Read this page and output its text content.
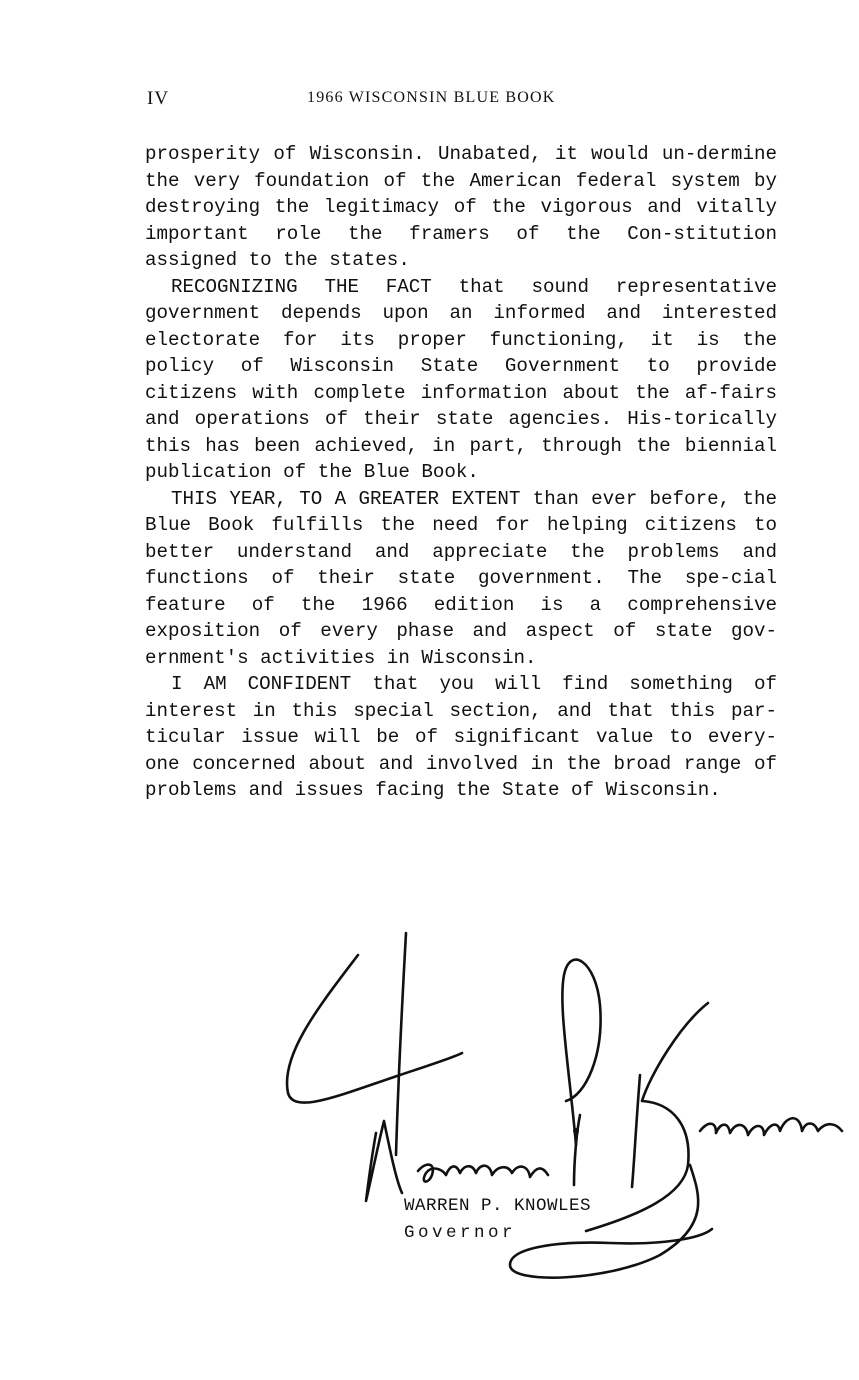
IV	1966 WISCONSIN BLUE BOOK

prosperity of Wisconsin. Unabated, it would un-dermine the very foundation of the American federal system by destroying the legitimacy of the vigorous and vitally important role the framers of the Con-stitution assigned to the states.

RECOGNIZING THE FACT that sound representative government depends upon an informed and interested electorate for its proper functioning, it is the policy of Wisconsin State Government to provide citizens with complete information about the af-fairs and operations of their state agencies. His-torically this has been achieved, in part, through the biennial publication of the Blue Book.

THIS YEAR, TO A GREATER EXTENT than ever before, the Blue Book fulfills the need for helping citizens to better understand and appreciate the problems and functions of their state government. The spe-cial feature of the 1966 edition is a comprehensive exposition of every phase and aspect of state gov-ernment's activities in Wisconsin.

I AM CONFIDENT that you will find something of interest in this special section, and that this par-ticular issue will be of significant value to every-one concerned about and involved in the broad range of problems and issues facing the State of Wisconsin.

WARREN P. KNOWLES
Governor
